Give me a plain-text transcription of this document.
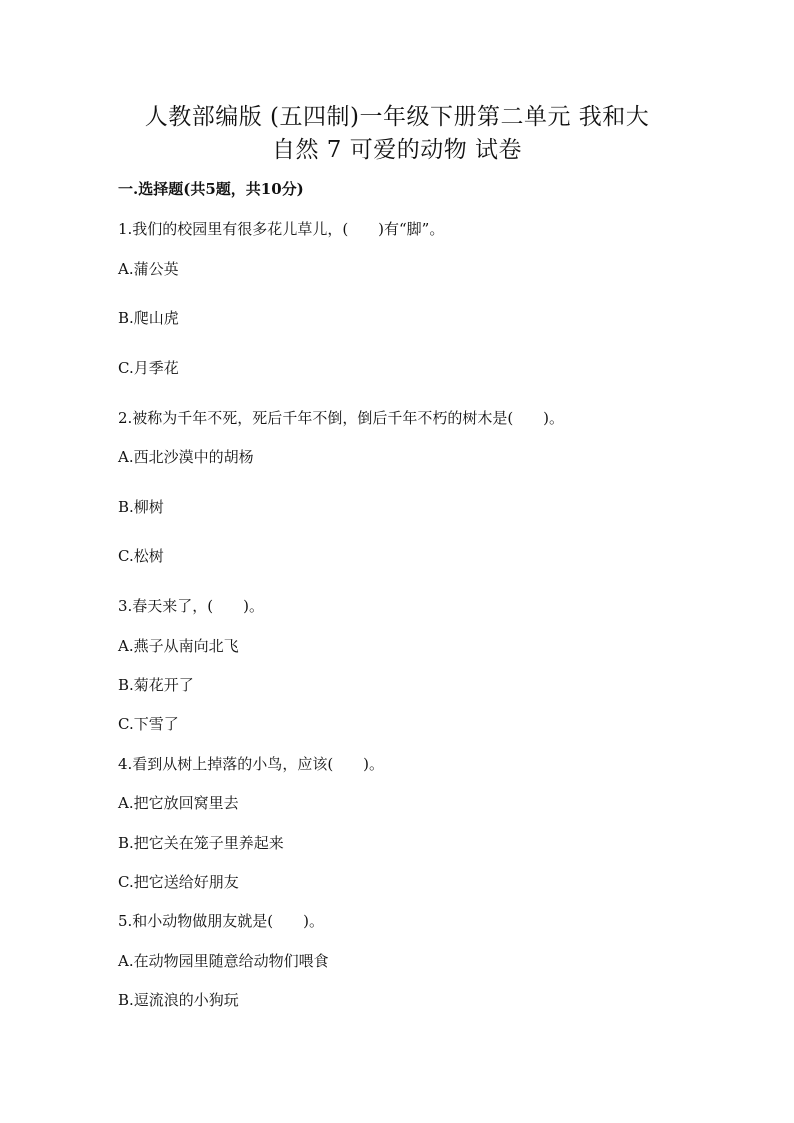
人教部编版 (五四制)一年级下册第二单元 我和大
自然 7 可爱的动物 试卷
一.选择题(共5题，共10分)
1.我们的校园里有很多花儿草儿，(　　)有“脚”。
A.蒲公英
B.爬山虎
C.月季花
2.被称为千年不死，死后千年不倒，倒后千年不朽的树木是(　　)。
A.西北沙漠中的胡杨
B.柳树
C.松树
3.春天来了，(　　)。
A.燕子从南向北飞
B.菊花开了
C.下雪了
4.看到从树上掉落的小鸟，应该(　　)。
A.把它放回窝里去
B.把它关在笼子里养起来
C.把它送给好朋友
5.和小动物做朋友就是(　　)。
A.在动物园里随意给动物们喂食
B.逗流浪的小狗玩
